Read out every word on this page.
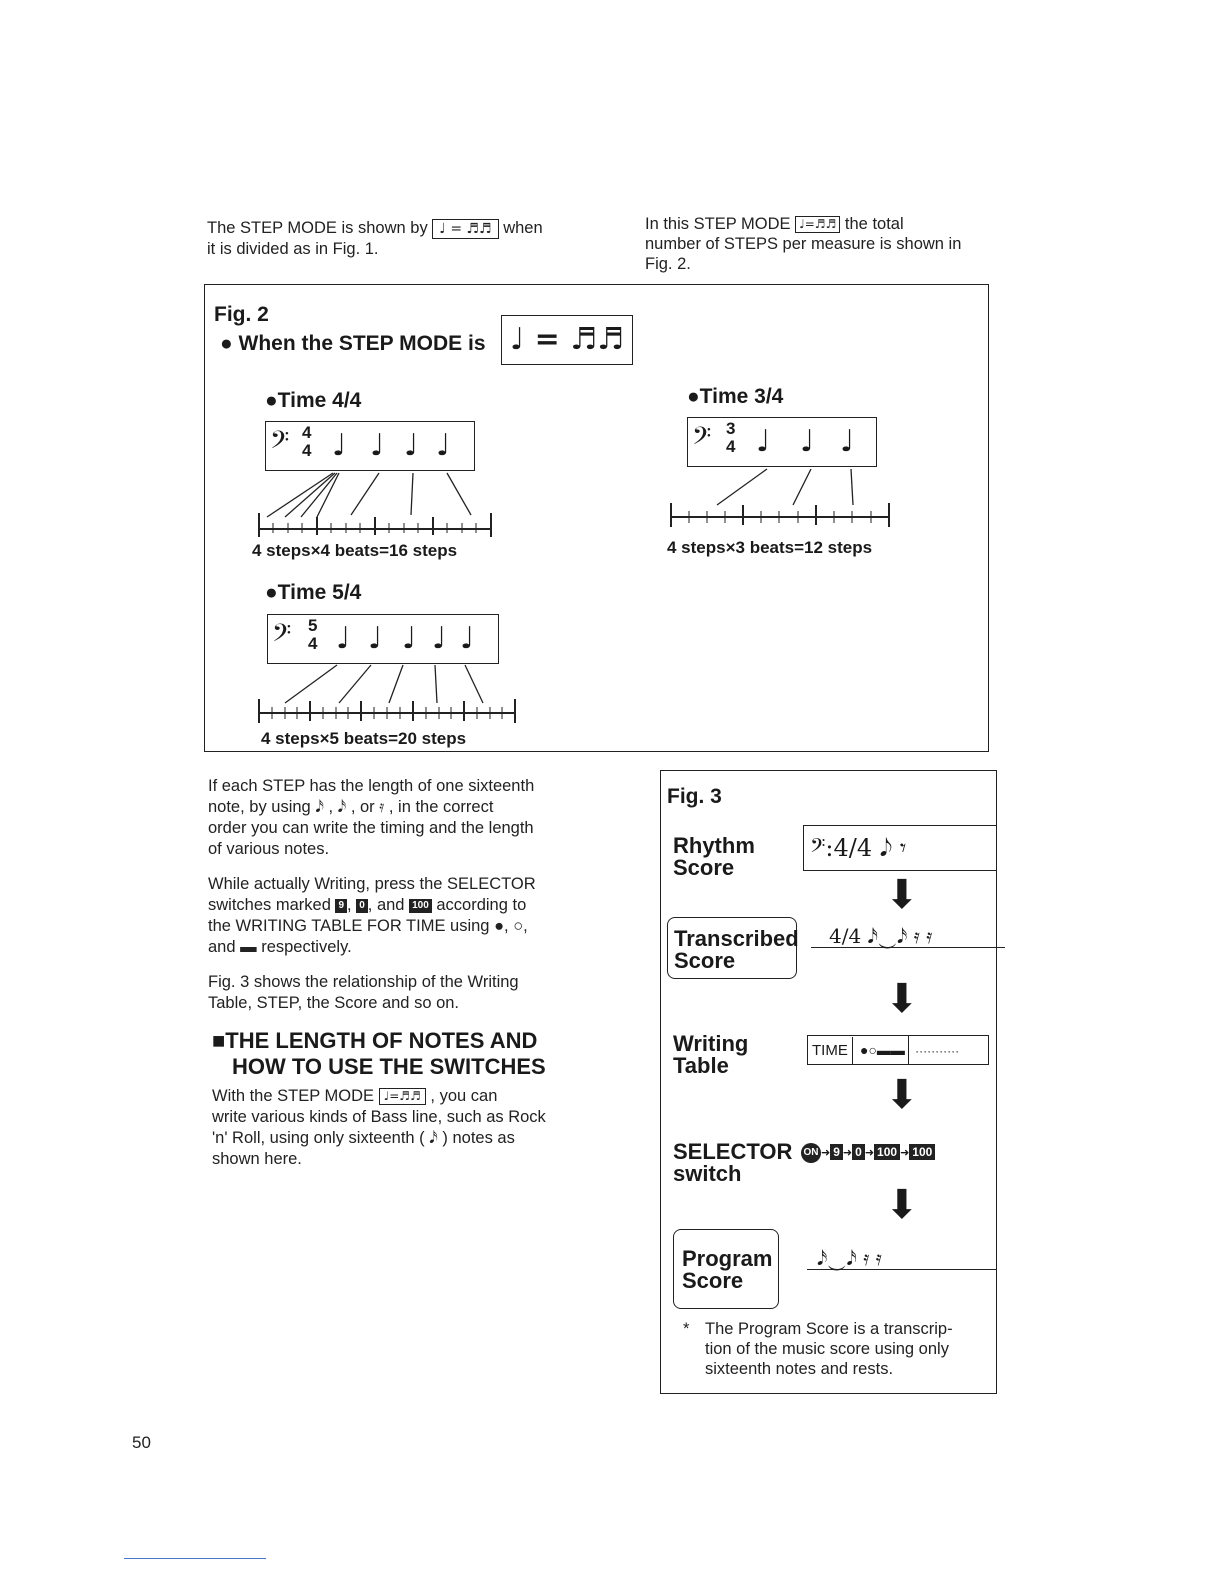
The STEP MODE is shown by ♩ = ♬♬ when
it is divided as in Fig. 1.
In this STEP MODE ♩=♬♬ the total
number of STEPS per measure is shown in
Fig. 2.
Fig. 2
● When the STEP MODE is ♩ = ♬♬
●Time 4/4
𝄢 4
4 ♩ ♩ ♩ ♩
4 steps×4 beats=16 steps
●Time 3/4
𝄢 3
4 ♩ ♩ ♩
4 steps×3 beats=12 steps
●Time 5/4
𝄢 5
4 ♩ ♩ ♩ ♩ ♩
4 steps×5 beats=20 steps
If each STEP has the length of one sixteenth
note, by using 𝅘𝅥𝅯 , 𝅘𝅥𝅯 , or 𝄿 , in the correct
order you can write the timing and the length
of various notes.
While actually Writing, press the SELECTOR
switches marked 9 , 0 , and 100 according to
the WRITING TABLE FOR TIME using ●, ○,
and ▬ respectively.
Fig. 3 shows the relationship of the Writing
Table, STEP, the Score and so on.
■THE LENGTH OF NOTES AND
HOW TO USE THE SWITCHES
With the STEP MODE ♩=♬♬ , you can
write various kinds of Bass line, such as Rock
'n' Roll, using only sixteenth ( 𝅘𝅥𝅯 ) notes as
shown here.
Fig. 3
Rhythm
Score
𝄢:4/4 𝅘𝅥𝅮 𝄾
⬇
Transcribed
Score
4/4 𝅘𝅥𝅯‿𝅘𝅥𝅯 𝄿 𝄿
⬇
Writing
Table
TIME ●○▬▬ ···········
⬇
SELECTOR
switch
ON ➜ 9 ➜ 0 ➜ 100 ➜ 100
⬇
Program
Score
𝅘𝅥𝅯‿𝅘𝅥𝅯 𝄿 𝄿
* The Program Score is a transcrip-
tion of the music score using only
sixteenth notes and rests.
50
